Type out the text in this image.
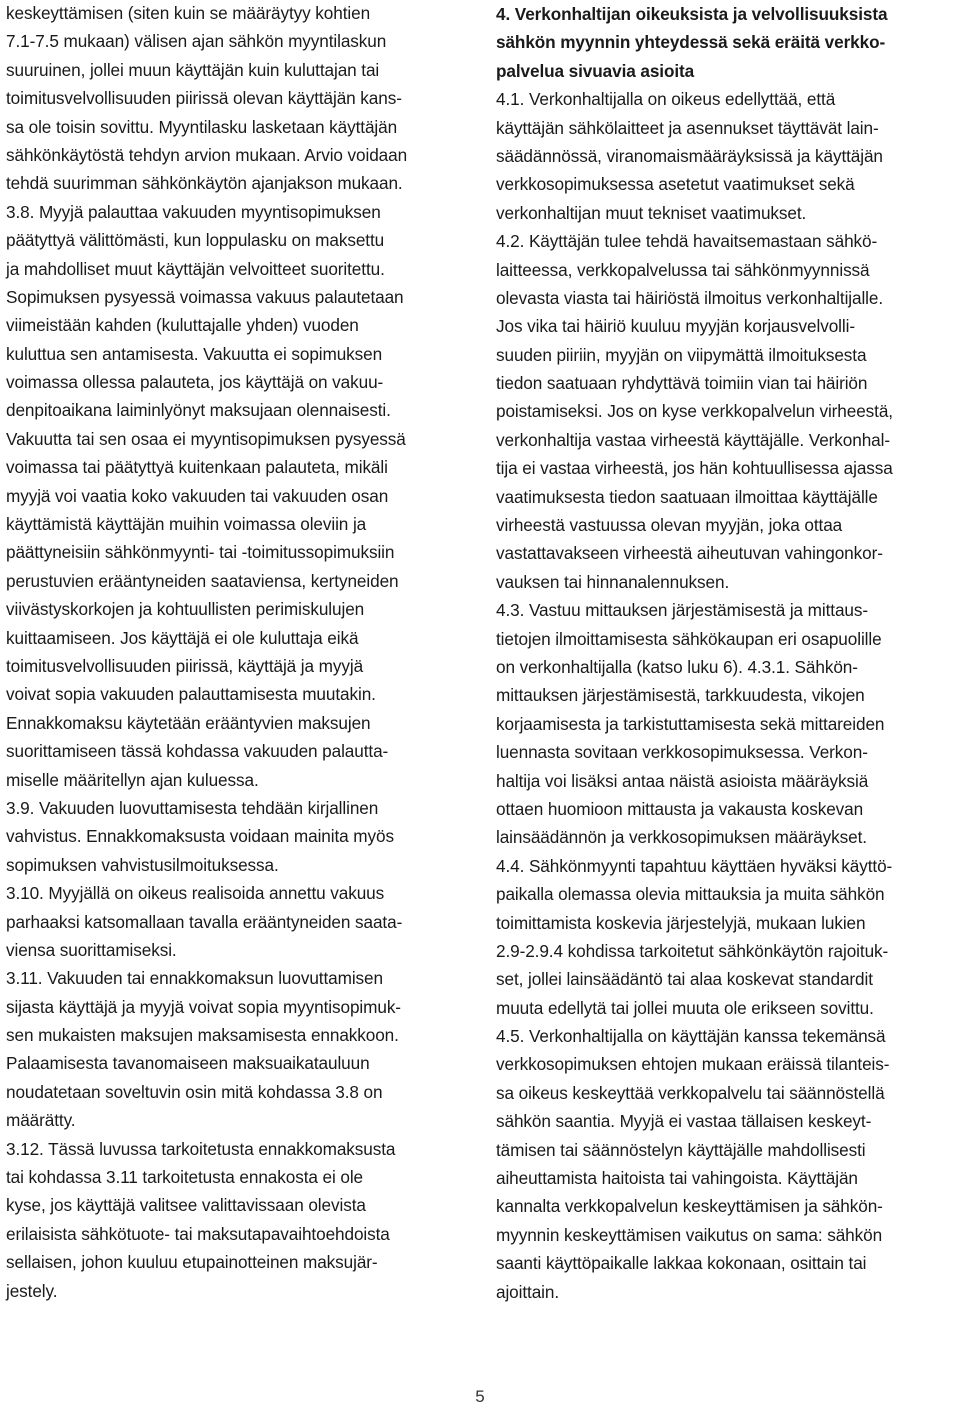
keskeyttämisen (siten kuin se määräytyy kohtien
7.1-7.5 mukaan) välisen ajan sähkön myyntilaskun
suuruinen, jollei muun käyttäjän kuin kuluttajan tai
toimitusvelvollisuuden piirissä olevan käyttäjän kans-
sa ole toisin sovittu. Myyntilasku lasketaan käyttäjän
sähkönkäytöstä tehdyn arvion mukaan. Arvio voidaan
tehdä suurimman sähkönkäytön ajanjakson mukaan.
3.8. Myyjä palauttaa vakuuden myyntisopimuksen
päätyttyä välittömästi, kun loppulasku on maksettu
ja mahdolliset muut käyttäjän velvoitteet suoritettu.
Sopimuksen pysyessä voimassa vakuus palautetaan
viimeistään kahden (kuluttajalle yhden) vuoden
kuluttua sen antamisesta. Vakuutta ei sopimuksen
voimassa ollessa palauteta, jos käyttäjä on vakuu-
denpitoaikana laiminlyönyt maksujaan olennaisesti.
Vakuutta tai sen osaa ei myyntisopimuksen pysyessä
voimassa tai päätyttyä kuitenkaan palauteta, mikäli
myyjä voi vaatia koko vakuuden tai vakuuden osan
käyttämistä käyttäjän muihin voimassa oleviin ja
päättyneisiin sähkönmyynti- tai -toimitussopimuksiin
perustuvien erääntyneiden saataviensa, kertyneiden
viivästyskorkojen ja kohtuullisten perimiskulujen
kuittaamiseen. Jos käyttäjä ei ole kuluttaja eikä
toimitusvelvollisuuden piirissä, käyttäjä ja myyjä
voivat sopia vakuuden palauttamisesta muutakin.
Ennakkomaksu käytetään erääntyvien maksujen
suorittamiseen tässä kohdassa vakuuden palautta-
miselle määritellyn ajan kuluessa.
3.9. Vakuuden luovuttamisesta tehdään kirjallinen
vahvistus. Ennakkomaksusta voidaan mainita myös
sopimuksen vahvistusilmoituksessa.
3.10. Myyjällä on oikeus realisoida annettu vakuus
parhaaksi katsomallaan tavalla erääntyneiden saata-
viensa suorittamiseksi.
3.11. Vakuuden tai ennakkomaksun luovuttamisen
sijasta käyttäjä ja myyjä voivat sopia myyntisopimuk-
sen mukaisten maksujen maksamisesta ennakkoon.
Palaamisesta tavanomaiseen maksuaikatauluun
noudatetaan soveltuvin osin mitä kohdassa 3.8 on
määrätty.
3.12. Tässä luvussa tarkoitetusta ennakkomaksusta
tai kohdassa 3.11 tarkoitetusta ennakosta ei ole
kyse, jos käyttäjä valitsee valittavissaan olevista
erilaisista sähkötuote- tai maksutapavaihtoehdoista
sellaisen, johon kuuluu etupainotteinen maksujär-
jestely.
4. Verkonhaltijan oikeuksista ja velvollisuuksista
sähkön myynnin yhteydessä sekä eräitä verkko-
palvelua sivuavia asioita
4.1. Verkonhaltijalla on oikeus edellyttää, että
käyttäjän sähkölaitteet ja asennukset täyttävät lain-
säädännössä, viranomaismääräyksissä ja käyttäjän
verkkosopimuksessa asetetut vaatimukset sekä
verkonhaltijan muut tekniset vaatimukset.
4.2. Käyttäjän tulee tehdä havaitsemastaan sähkö-
laitteessa, verkkopalvelussa tai sähkönmyynnissä
olevasta viasta tai häiriöstä ilmoitus verkonhaltijalle.
Jos vika tai häiriö kuuluu myyjän korjausvelvolli-
suuden piiriin, myyjän on viipymättä ilmoituksesta
tiedon saatuaan ryhdyttävä toimiin vian tai häiriön
poistamiseksi. Jos on kyse verkkopalvelun virheestä,
verkonhaltija vastaa virheestä käyttäjälle. Verkonhal-
tija ei vastaa virheestä, jos hän kohtuullisessa ajassa
vaatimuksesta tiedon saatuaan ilmoittaa käyttäjälle
virheestä vastuussa olevan myyjän, joka ottaa
vastattavakseen virheestä aiheutuvan vahingonkor-
vauksen tai hinnanalennuksen.
4.3. Vastuu mittauksen järjestämisestä ja mittaus-
tietojen ilmoittamisesta sähkökaupan eri osapuolille
on verkonhaltijalla (katso luku 6). 4.3.1. Sähkön-
mittauksen järjestämisestä, tarkkuudesta, vikojen
korjaamisesta ja tarkistuttamisesta sekä mittareiden
luennasta sovitaan verkkosopimuksessa. Verkon-
haltija voi lisäksi antaa näistä asioista määräyksiä
ottaen huomioon mittausta ja vakausta koskevan
lainsäädännön ja verkkosopimuksen määräykset.
4.4. Sähkönmyynti tapahtuu käyttäen hyväksi käyttö-
paikalla olemassa olevia mittauksia ja muita sähkön
toimittamista koskevia järjestelyjä, mukaan lukien
2.9-2.9.4 kohdissa tarkoitetut sähkönkäytön rajoituk-
set, jollei lainsäädäntö tai alaa koskevat standardit
muuta edellytä tai jollei muuta ole erikseen sovittu.
4.5. Verkonhaltijalla on käyttäjän kanssa tekemänsä
verkkosopimuksen ehtojen mukaan eräissä tilanteis-
sa oikeus keskeyttää verkkopalvelu tai säännöstellä
sähkön saantia. Myyjä ei vastaa tällaisen keskeyt-
tämisen tai säännöstelyn käyttäjälle mahdollisesti
aiheuttamista haitoista tai vahingoista. Käyttäjän
kannalta verkkopalvelun keskeyttämisen ja sähkön-
myynnin keskeyttämisen vaikutus on sama: sähkön
saanti käyttöpaikalle lakkaa kokonaan, osittain tai
ajoittain.
5
